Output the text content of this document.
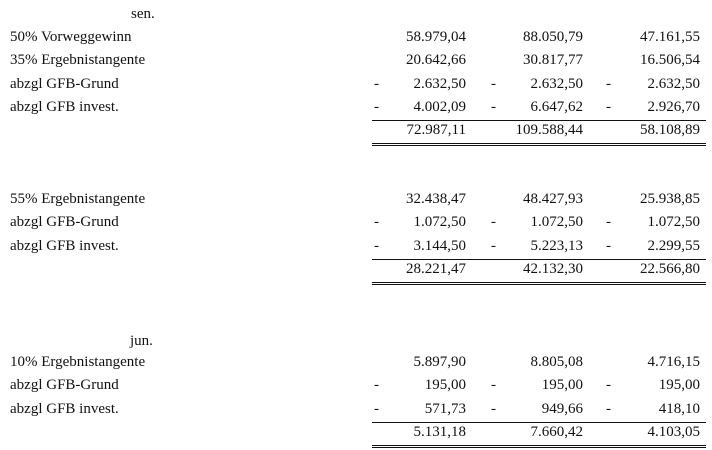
sen.
50% Vorweggewinn	58.979,04	88.050,79	47.161,55
35% Ergebnistangente	20.642,66	30.817,77	16.506,54
abzgl GFB-Grund	- 2.632,50 - 2.632,50 - 2.632,50
abzgl GFB invest.	- 4.002,09 - 6.647,62 - 2.926,70
72.987,11	109.588,44	58.108,89
55% Ergebnistangente	32.438,47	48.427,93	25.938,85
abzgl GFB-Grund	- 1.072,50 - 1.072,50 - 1.072,50
abzgl GFB invest.	- 3.144,50 - 5.223,13 - 2.299,55
28.221,47	42.132,30	22.566,80
jun.
10% Ergebnistangente	5.897,90	8.805,08	4.716,15
abzgl GFB-Grund	-	195,00 -	195,00 -	195,00
abzgl GFB invest.	-	571,73 -	949,66 -	418,10
5.131,18	7.660,42	4.103,05
